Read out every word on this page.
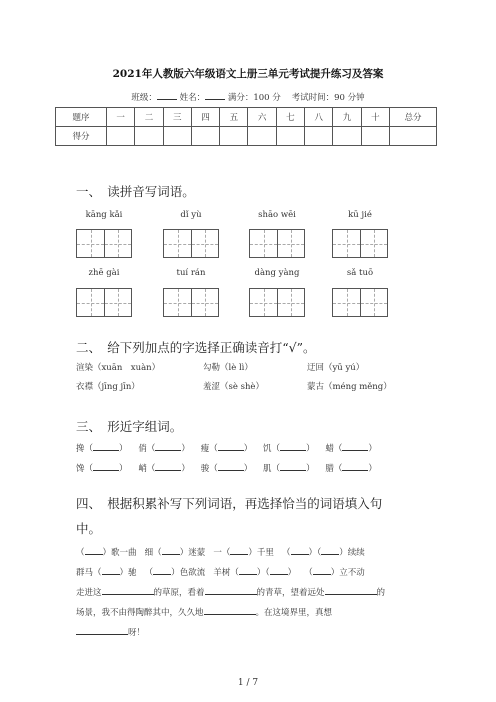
2021年人教版六年级语文上册三单元考试提升练习及答案
班级：	姓名：	满分：100 分 考试时间：90 分钟
题序	一	二	三	四	五	六	七	八	九	十	总分
得分											
一、　读拼音写词语。
kāng kǎi	dǐ yù	shāo wēi	kū jié
zhē gài	tuí rán	dàng yàng	sǎ tuō
二、　给下列加点的字选择正确读音打“√”。
渲染（xuān　xuàn）	勾勒（lè lì）	迂回（yū yú）
衣襟（jīng jīn）	羞涩（sè shè）	蒙古（méng měng）
三、　形近字组词。
搀（	）    俏（	）    瘦（	）    饥（	）    蜡（	）
馋（	）    峭（	）    骏（	）    肌（	）    腊（	）
四、　根据积累补写下列词语，再选择恰当的词语填入句
中。
（ ）歌一曲 细（ ）迷蒙 一（ ）千里   （ ）（ ）续续
群马（ ）驰   （ ）色欲流 羊树（ ）（ ）   （ ）立不动
走进这	的草原，看着	的青草，望着远处	的
场景，我不由得陶醉其中，久久地	。在这境界里，真想
呀！
1 / 7
